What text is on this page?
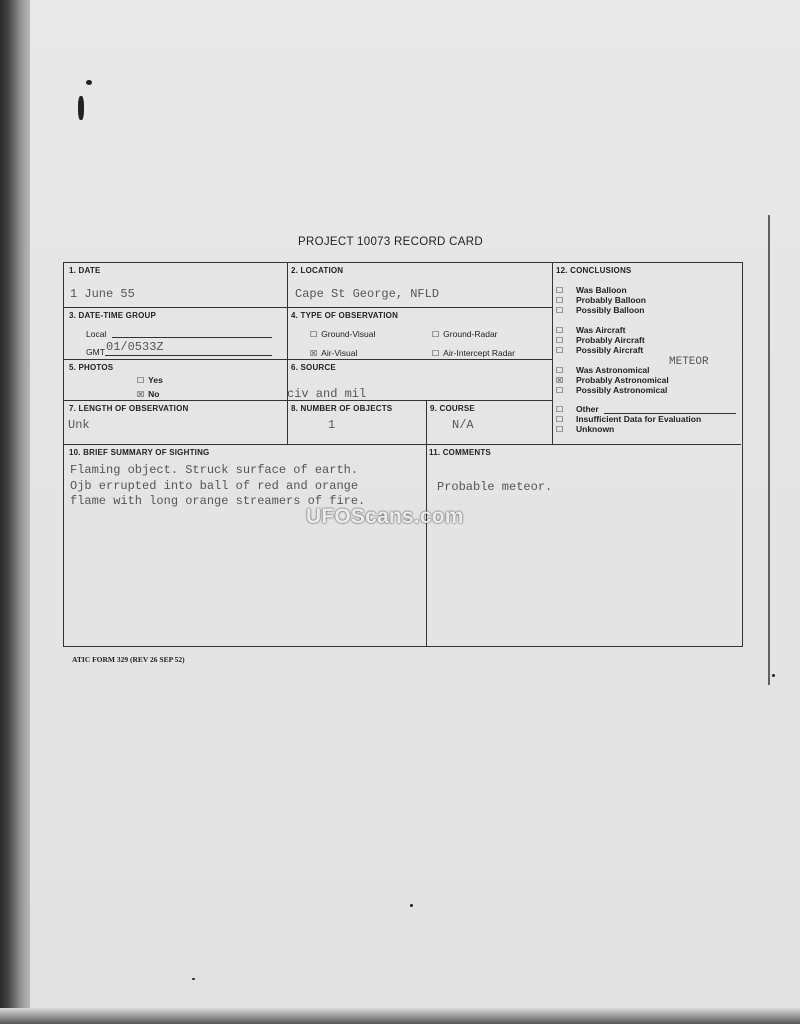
PROJECT 10073 RECORD CARD
1. DATE
1 June 55
2. LOCATION
Cape St George, NFLD
3. DATE-TIME GROUP
Local
GMT 01/0533Z
4. TYPE OF OBSERVATION
☐ Ground-Visual	☐ Ground-Radar
☒ Air-Visual	☐ Air-Intercept Radar
5. PHOTOS
☐ Yes
☒ No
6. SOURCE
civ and mil
7. LENGTH OF OBSERVATION
Unk
8. NUMBER OF OBJECTS
1
9. COURSE
N/A
10. BRIEF SUMMARY OF SIGHTING
Flaming object. Struck surface of earth.
Ojb errupted into ball of red and orange
flame with long orange streamers of fire.
11. COMMENTS
Probable meteor.
12. CONCLUSIONS
☐ Was Balloon
☐ Probably Balloon
☐ Possibly Balloon
☐ Was Aircraft
☐ Probably Aircraft
☐ Possibly Aircraft
METEOR
☐ Was Astronomical
☒ Probably Astronomical
☐ Possibly Astronomical
☐ Other
☐ Insufficient Data for Evaluation
☐ Unknown
UFOScans.com
ATIC FORM 329 (REV 26 SEP 52)
